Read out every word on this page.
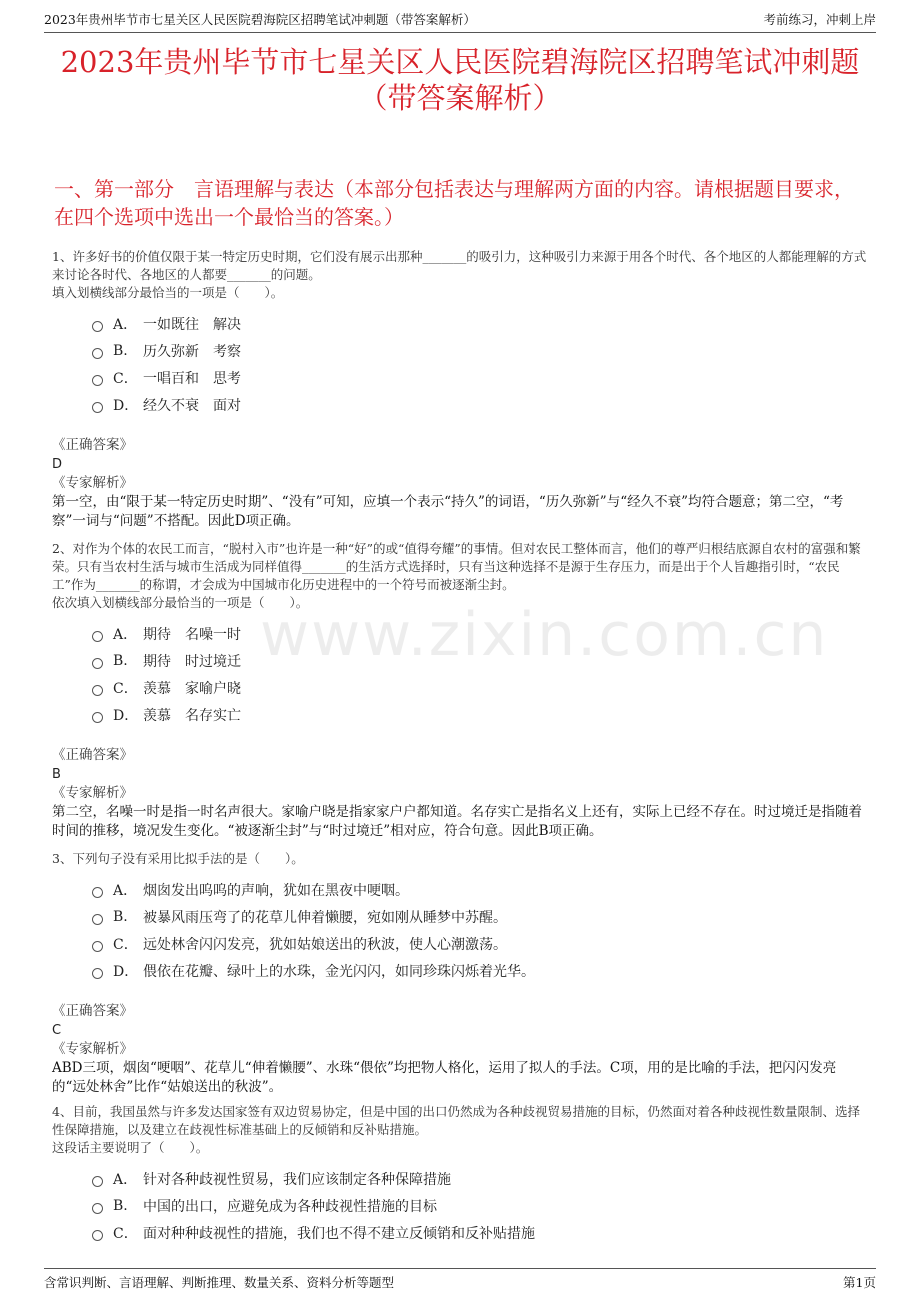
2023年贵州毕节市七星关区人民医院碧海院区招聘笔试冲刺题（带答案解析）	考前练习，冲刺上岸
2023年贵州毕节市七星关区人民医院碧海院区招聘笔试冲刺题
（带答案解析）
一、第一部分　言语理解与表达（本部分包括表达与理解两方面的内容。请根据题目要求，在四个选项中选出一个最恰当的答案。）
www.zixin.com.cn
1、许多好书的价值仅限于某一特定历史时期，它们没有展示出那种_______的吸引力，这种吸引力来源于用各个时代、各个地区的人都能理解的方式来讨论各时代、各地区的人都要_______的问题。
填入划横线部分最恰当的一项是（　　）。
A． 一如既往　解决
B.	历久弥新　考察
C． 一唱百和　思考
D． 经久不衰　面对
《正确答案》
D
《专家解析》
第一空，由“限于某一特定历史时期”、“没有”可知，应填一个表示“持久”的词语，“历久弥新”与“经久不衰”均符合题意；第二空，“考察”一词与“问题”不搭配。因此D项正确。
2、对作为个体的农民工而言，“脱村入市”也许是一种“好”的或“值得夸耀”的事情。但对农民工整体而言，他们的尊严归根结底源自农村的富强和繁荣。只有当农村生活与城市生活成为同样值得_______的生活方式选择时，只有当这种选择不是源于生存压力，而是出于个人旨趣指引时，“农民工”作为_______的称谓，才会成为中国城市化历史进程中的一个符号而被逐渐尘封。
依次填入划横线部分最恰当的一项是（　　）。
A． 期待　名噪一时
B.	期待　时过境迁
C． 羡慕　家喻户晓
D． 羡慕　名存实亡
《正确答案》
B
《专家解析》
第二空，名噪一时是指一时名声很大。家喻户晓是指家家户户都知道。名存实亡是指名义上还有，实际上已经不存在。时过境迁是指随着时间的推移，境况发生变化。“被逐渐尘封”与“时过境迁”相对应，符合句意。因此B项正确。
3、下列句子没有采用比拟手法的是（　　）。
A． 烟囱发出呜呜的声响，犹如在黑夜中哽咽。
B.	被暴风雨压弯了的花草儿伸着懒腰，宛如刚从睡梦中苏醒。
C． 远处林舍闪闪发亮，犹如姑娘送出的秋波，使人心潮激荡。
D． 偎依在花瓣、绿叶上的水珠，金光闪闪，如同珍珠闪烁着光华。
《正确答案》
C
《专家解析》
ABD三项，烟囱“哽咽”、花草儿“伸着懒腰”、水珠“偎依”均把物人格化，运用了拟人的手法。C项，用的是比喻的手法，把闪闪发亮的“远处林舍”比作“姑娘送出的秋波”。
4、目前，我国虽然与许多发达国家签有双边贸易协定，但是中国的出口仍然成为各种歧视贸易措施的目标，仍然面对着各种歧视性数量限制、选择性保障措施，以及建立在歧视性标准基础上的反倾销和反补贴措施。
这段话主要说明了（　　）。
A． 针对各种歧视性贸易，我们应该制定各种保障措施
B.	中国的出口，应避免成为各种歧视性措施的目标
C． 面对种种歧视性的措施，我们也不得不建立反倾销和反补贴措施
含常识判断、言语理解、判断推理、数量关系、资料分析等题型	第1页
